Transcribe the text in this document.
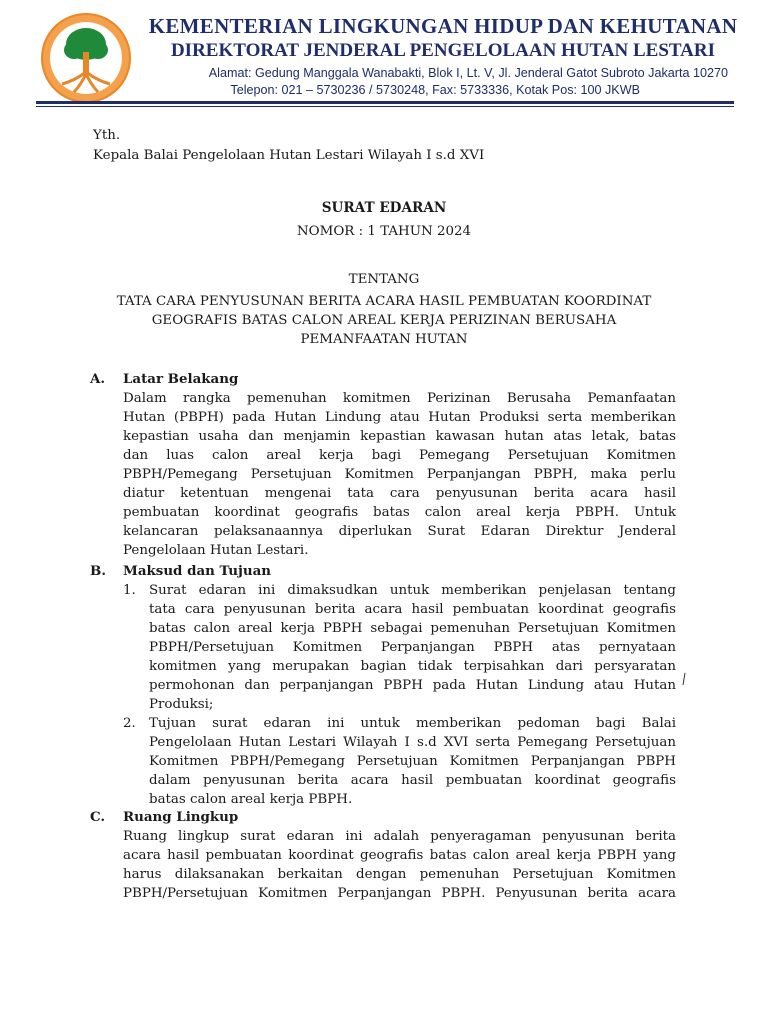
KEMENTERIAN LINGKUNGAN HIDUP DAN KEHUTANAN
DIREKTORAT JENDERAL PENGELOLAAN HUTAN LESTARI
Alamat: Gedung Manggala Wanabakti, Blok I, Lt. V, Jl. Jenderal Gatot Subroto Jakarta 10270
Telepon: 021 – 5730236 / 5730248, Fax: 5733336, Kotak Pos: 100 JKWB
Yth.
Kepala Balai Pengelolaan Hutan Lestari Wilayah I s.d XVI
SURAT EDARAN
NOMOR : 1 TAHUN 2024
TENTANG
TATA CARA PENYUSUNAN BERITA ACARA HASIL PEMBUATAN KOORDINAT
GEOGRAFIS BATAS CALON AREAL KERJA PERIZINAN BERUSAHA
PEMANFAATAN HUTAN
A. Latar Belakang
Dalam rangka pemenuhan komitmen Perizinan Berusaha Pemanfaatan
Hutan (PBPH) pada Hutan Lindung atau Hutan Produksi serta memberikan
kepastian usaha dan menjamin kepastian kawasan hutan atas letak, batas
dan luas calon areal kerja bagi Pemegang Persetujuan Komitmen
PBPH/Pemegang Persetujuan Komitmen Perpanjangan PBPH, maka perlu
diatur ketentuan mengenai tata cara penyusunan berita acara hasil
pembuatan koordinat geografis batas calon areal kerja PBPH. Untuk
kelancaran pelaksanaannya diperlukan Surat Edaran Direktur Jenderal
Pengelolaan Hutan Lestari.
B. Maksud dan Tujuan
1. Surat edaran ini dimaksudkan untuk memberikan penjelasan tentang
tata cara penyusunan berita acara hasil pembuatan koordinat geografis
batas calon areal kerja PBPH sebagai pemenuhan Persetujuan Komitmen
PBPH/Persetujuan Komitmen Perpanjangan PBPH atas pernyataan
komitmen yang merupakan bagian tidak terpisahkan dari persyaratan
permohonan dan perpanjangan PBPH pada Hutan Lindung atau Hutan
Produksi;
2. Tujuan surat edaran ini untuk memberikan pedoman bagi Balai
Pengelolaan Hutan Lestari Wilayah I s.d XVI serta Pemegang Persetujuan
Komitmen PBPH/Pemegang Persetujuan Komitmen Perpanjangan PBPH
dalam penyusunan berita acara hasil pembuatan koordinat geografis
batas calon areal kerja PBPH.
C. Ruang Lingkup
Ruang lingkup surat edaran ini adalah penyeragaman penyusunan berita
acara hasil pembuatan koordinat geografis batas calon areal kerja PBPH yang
harus dilaksanakan berkaitan dengan pemenuhan Persetujuan Komitmen
PBPH/Persetujuan Komitmen Perpanjangan PBPH. Penyusunan berita acara
